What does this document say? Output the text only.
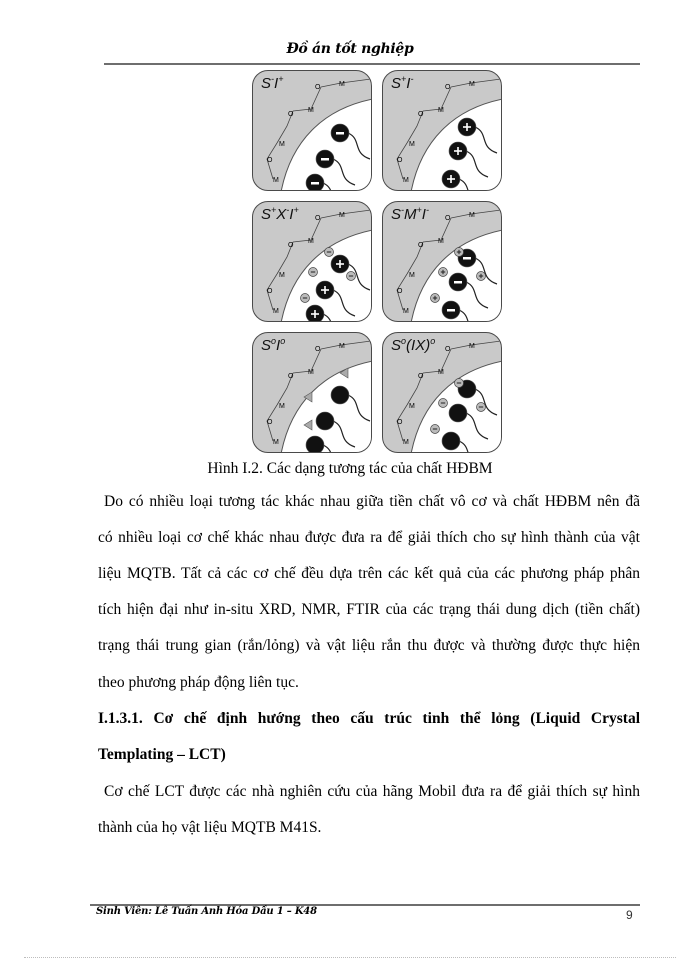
Đồ án tốt nghiệp
M
M
M
M
O
O
O
S-I+
M
M
M
M
O
O
O
S+I-
M
M
M
M
O
O
O
S+X-I+
M
M
M
M
O
O
O
S-M+I-
M
M
M
M
O
O
O
$S^oI^o$
M
M
M
M
O
O
O
$S^o(IX)^o$
Hình I.2. Các dạng tương tác của chất HĐBM
Do có nhiều loại tương tác khác nhau giữa tiền chất vô cơ và chất HĐBM nên đã
có nhiều loại cơ chế khác nhau được đưa ra để giải thích cho sự hình thành của vật
liệu MQTB. Tất cả các cơ chế đều dựa trên các kết quả của các phương pháp phân
tích hiện đại như in-situ XRD, NMR, FTIR của các trạng thái dung dịch (tiền chất)
trạng thái trung gian (rắn/lỏng) và vật liệu rắn thu được và thường được thực hiện
theo phương pháp động liên tục.
I.1.3.1. Cơ chế định hướng theo cấu trúc tinh thể lỏng (Liquid Crystal
Templating – LCT)
Cơ chế LCT được các nhà nghiên cứu của hãng Mobil đưa ra để giải thích sự hình
thành của họ vật liệu MQTB M41S.
Sinh Viên: Lê Tuấn Anh Hóa Dầu 1 – K48	9
